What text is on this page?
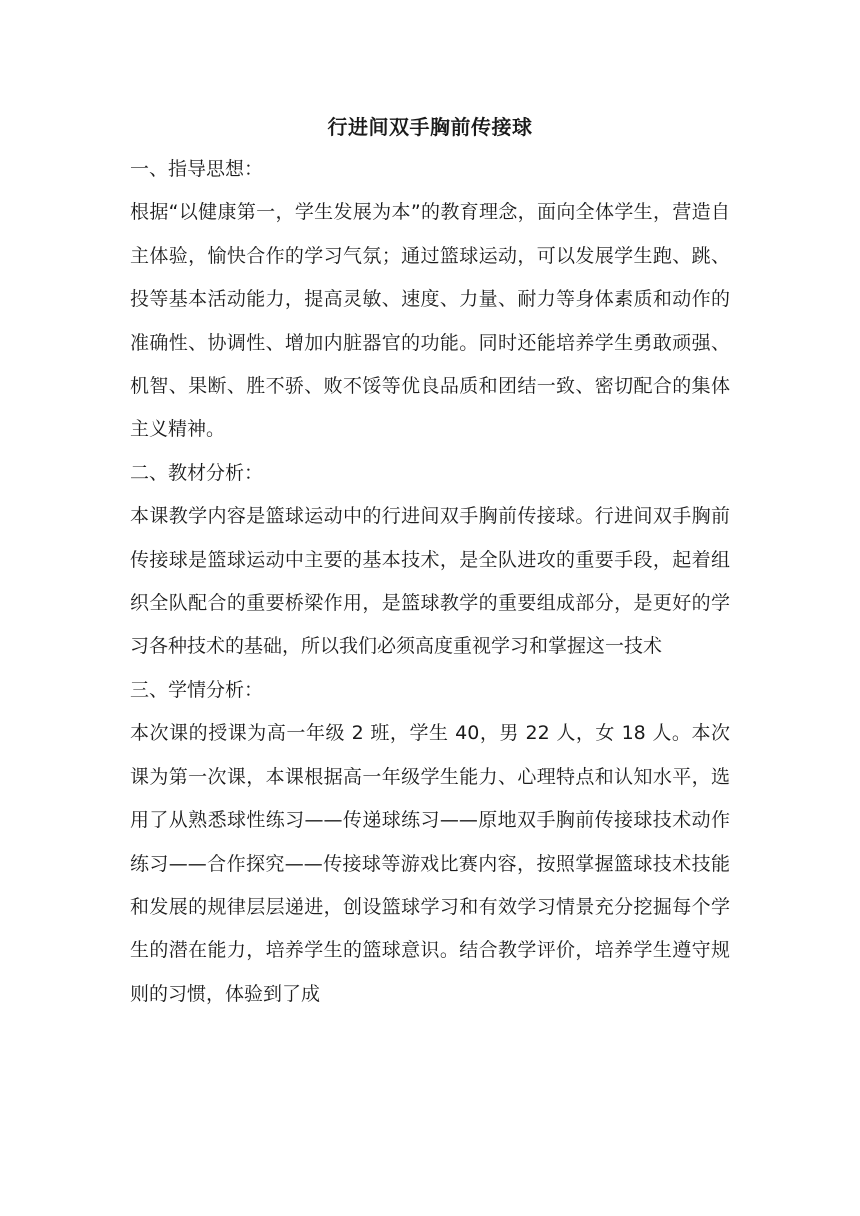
行进间双手胸前传接球

一、指导思想：

根据“以健康第一，学生发展为本”的教育理念，面向全体学生，营造自主体验，愉快合作的学习气氛；通过篮球运动，可以发展学生跑、跳、投等基本活动能力，提高灵敏、速度、力量、耐力等身体素质和动作的准确性、协调性、增加内脏器官的功能。同时还能培养学生勇敢顽强、机智、果断、胜不骄、败不馁等优良品质和团结一致、密切配合的集体主义精神。

二、教材分析：

本课教学内容是篮球运动中的行进间双手胸前传接球。行进间双手胸前传接球是篮球运动中主要的基本技术，是全队进攻的重要手段，起着组织全队配合的重要桥梁作用，是篮球教学的重要组成部分，是更好的学习各种技术的基础，所以我们必须高度重视学习和掌握这一技术

三、学情分析：

本次课的授课为高一年级 2 班，学生 40，男 22 人，女 18 人。本次课为第一次课，本课根据高一年级学生能力、心理特点和认知水平，选用了从熟悉球性练习——传递球练习——原地双手胸前传接球技术动作练习——合作探究——传接球等游戏比赛内容，按照掌握篮球技术技能和发展的规律层层递进，创设篮球学习和有效学习情景充分挖掘每个学生的潜在能力，培养学生的篮球意识。结合教学评价，培养学生遵守规则的习惯，体验到了成
